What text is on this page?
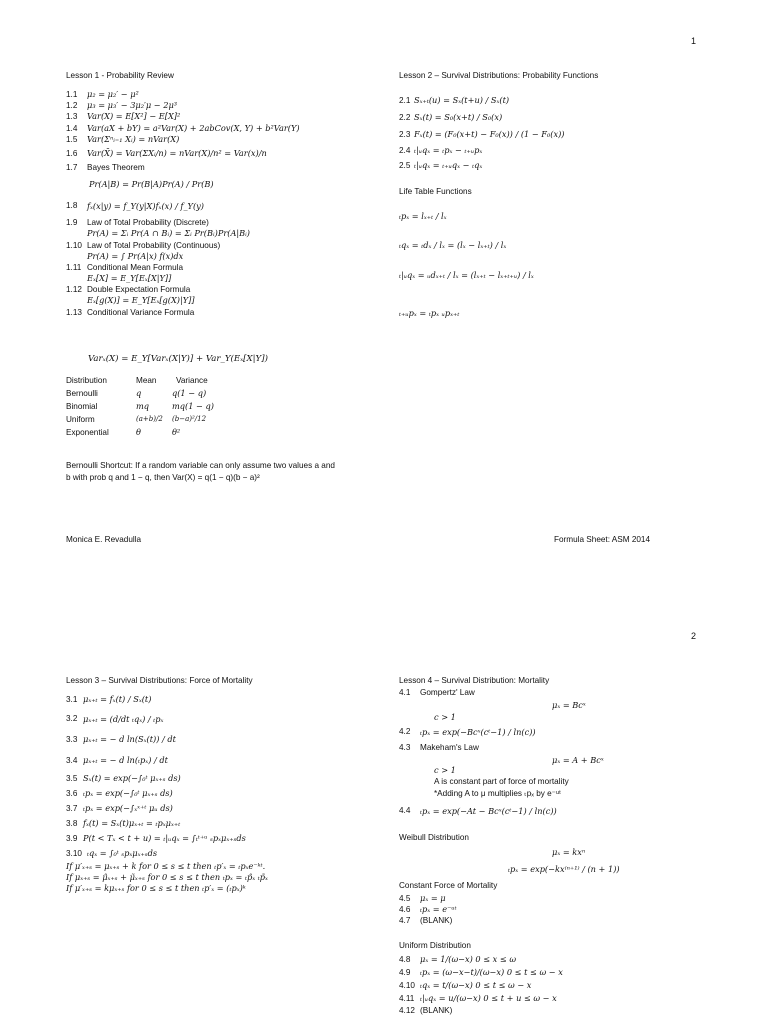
1
Lesson 1 - Probability Review
1.1	μ₂ = μ₂′ − μ²
1.2	μ₃ = μ₃′ − 3μ₂′μ − 2μ³
1.3	Var(X) = E[X²] − E[X]²
1.4	Var(aX + bY) = a²Var(X) + 2abCov(X, Y) + b²Var(Y)
1.5	Var(Σⁿᵢ₌₁ Xᵢ) = nVar(X)
1.6	Var(X̄) = Var(ΣXᵢ/n) = nVar(X)/n² = Var(x)/n
1.7	Bayes Theorem
Pr(A|B) = Pr(B|A)Pr(A) / Pr(B)
1.8	fₓ(x|y) = f_Y(y|X)fₓ(x) / f_Y(y)
1.9	Law of Total Probability (Discrete)
Pr(A) = Σᵢ Pr(A ∩ Bᵢ) = Σᵢ Pr(Bᵢ)Pr(A|Bᵢ)
1.10 Law of Total Probability (Continuous)
Pr(A) = ∫ Pr(A|x) f(x)dx
1.11 Conditional Mean Formula
Eₓ[X] = E_Y[Eₓ[X|Y]]
1.12 Double Expectation Formula
Eₓ[g(X)] = E_Y[Eₓ[g(X)|Y]]
1.13 Conditional Variance Formula
Varₓ(X) = E_Y[Varₓ(X|Y)] + Var_Y(Eₓ[X|Y])
Distribution	Mean	Variance
Bernoulli	q	q(1 − q)
Binomial	mq	mq(1 − q)
Uniform	(a+b)/2	(b−a)²/12
Exponential	θ	θ²
Bernoulli Shortcut: If a random variable can only assume two values a and
b with prob q and 1 − q, then Var(X) = q(1 − q)(b − a)²
Lesson 2 – Survival Distributions: Probability Functions
2.1 Sₓ₊ₜ(u) = Sₓ(t+u) / Sₓ(t)
2.2 Sₓ(t) = S₀(x+t) / S₀(x)
2.3 Fₓ(t) = (F₀(x+t) − F₀(x)) / (1 − F₀(x))
2.4 ₜ|ᵤqₓ = ₜpₓ − ₜ₊ᵤpₓ
2.5 ₜ|ᵤqₓ = ₜ₊ᵤqₓ − ₜqₓ
Life Table Functions
ₜpₓ = lₓ₊ₜ / lₓ
ₜqₓ = ₜdₓ / lₓ = (lₓ − lₓ₊ₜ) / lₓ
ₜ|ᵤqₓ = ᵤdₓ₊ₜ / lₓ = (lₓ₊ₜ − lₓ₊ₜ₊ᵤ) / lₓ
ₜ₊ᵤpₓ = ₜpₓ ᵤpₓ₊ₜ
Monica E. Revadulla	Formula Sheet: ASM 2014
2
Lesson 3 – Survival Distributions: Force of Mortality
3.1 μₓ₊ₜ = fₓ(t) / Sₓ(t)
3.2 μₓ₊ₜ = (d/dt ₜqₓ) / ₜpₓ
3.3 μₓ₊ₜ = − d ln(Sₓ(t)) / dt
3.4 μₓ₊ₜ = − d ln(ₜpₓ) / dt
3.5 Sₓ(t) = exp(−∫₀ᵗ μₓ₊ₛ ds)
3.6 ₜpₓ = exp(−∫₀ᵗ μₓ₊ₛ ds)
3.7 ₜpₓ = exp(−∫ₓˣ⁺ᵗ μᵤ ds)
3.8 fₓ(t) = Sₓ(t)μₓ₊ₜ = ₜpₓμₓ₊ₜ
3.9 P(t < Tₓ < t + u) = ₜ|ᵤqₓ = ∫ₜᵗ⁺ᵘ ₛpₓμₓ₊ₛds
3.10 ₜqₓ = ∫₀ᵗ ₛpₓμₓ₊ₛds
If μ′ₓ₊ₛ = μₓ₊ₛ + k for 0 ≤ s ≤ t then ₜp′ₓ = ₜpₓe⁻ᵏᵗ.
If μₓ₊ₛ = μ̂ₓ₊ₛ + μ̃ₓ₊ₛ for 0 ≤ s ≤ t then ₜpₓ = ₜp̂ₓ ₜp̃ₓ
If μ′ₓ₊ₛ = kμₓ₊ₛ for 0 ≤ s ≤ t then ₜp′ₓ = (ₜpₓ)ᵏ
Lesson 4 – Survival Distribution: Mortality
4.1 Gompertz' Law
μₓ = Bcˣ
c > 1
4.2 ₜpₓ = exp(−Bcˣ(cᵗ−1) / ln(c))
4.3 Makeham's Law
μₓ = A + Bcˣ
c > 1
A is constant part of force of mortality
*Adding A to μ multiplies ₜpₓ by e⁻ᵘᵗ
4.4 ₜpₓ = exp(−At − Bcˣ(cᵗ−1) / ln(c))
Weibull Distribution
μₓ = kxⁿ
ₜpₓ = exp(−kx⁽ⁿ⁺¹⁾ / (n + 1))
Constant Force of Mortality
4.5	μₓ = μ
4.6	ₜpₓ = e⁻ᵘᵗ
4.7	(BLANK)
Uniform Distribution
4.8	μₓ = 1/(ω−x) 0 ≤ x ≤ ω
4.9	ₜpₓ = (ω−x−t)/(ω−x) 0 ≤ t ≤ ω − x
4.10 ₜqₓ = t/(ω−x) 0 ≤ t ≤ ω − x
4.11 ₜ|ᵤqₓ = u/(ω−x) 0 ≤ t + u ≤ ω − x
4.12 (BLANK)
